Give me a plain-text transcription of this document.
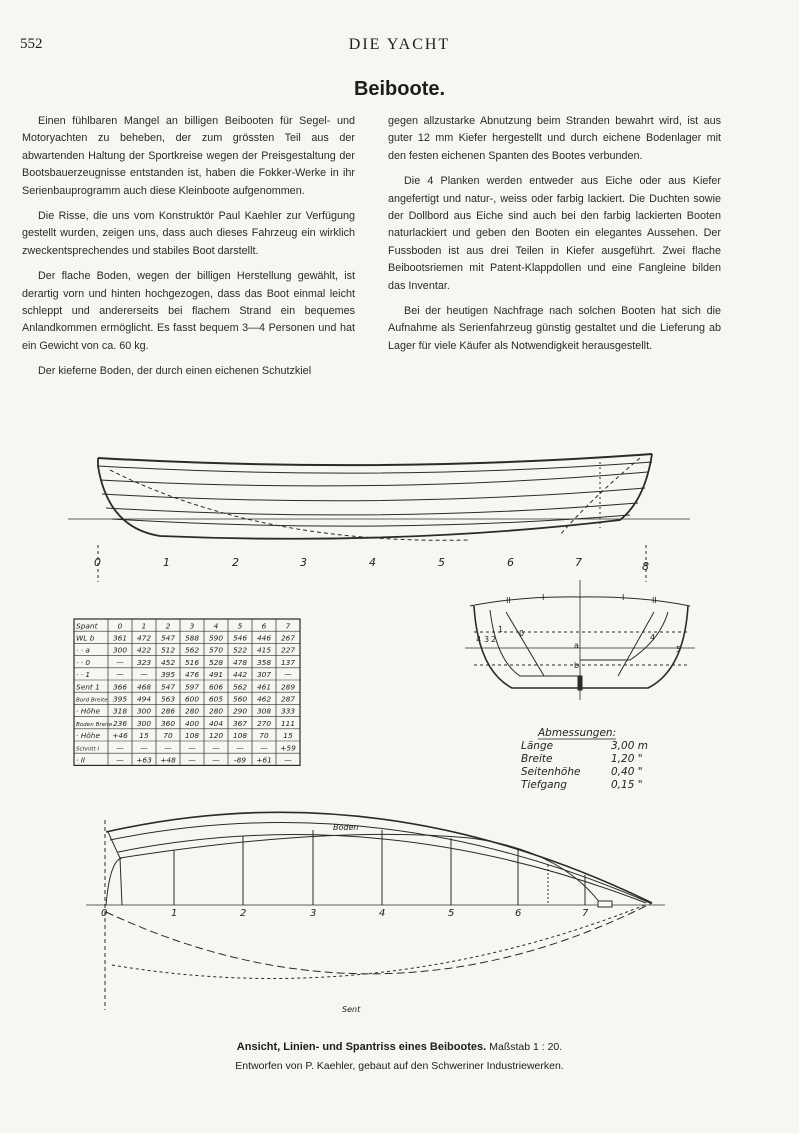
552	DIE YACHT
Beiboote.

Einen fühlbaren Mangel an billigen Beibooten für Segel- und Motoryachten zu beheben, der zum grössten Teil aus der abwartenden Haltung der Sportkreise wegen der Preisgestaltung der Bootsbauerzeugnisse entstanden ist, haben die Fokker-Werke in ihr Serienbauprogramm auch diese Kleinboote aufgenommen.

Die Risse, die uns vom Konstruktör Paul Kaehler zur Verfügung gestellt wurden, zeigen uns, dass auch dieses Fahrzeug ein wirklich zweckentsprechendes und stabiles Boot darstellt.

Der flache Boden, wegen der billigen Herstellung gewählt, ist derartig vorn und hinten hochgezogen, dass das Boot einmal leicht schleppt und andererseits bei flachem Strand ein bequemes Anlandkommen ermöglicht. Es fasst bequem 3—4 Personen und hat ein Gewicht von ca. 60 kg.

Der kieferne Boden, der durch einen eichenen Schutzkiel

gegen allzustarke Abnutzung beim Stranden bewahrt wird, ist aus guter 12 mm Kiefer hergestellt und durch eichene Bodenlager mit den festen eichenen Spanten des Bootes verbunden.

Die 4 Planken werden entweder aus Eiche oder aus Kiefer angefertigt und natur-, weiss oder farbig lackiert. Die Duchten sowie der Dollbord aus Eiche sind auch bei den farbig lackierten Booten naturlackiert und geben den Booten ein elegantes Aussehen. Der Fussboden ist aus drei Teilen in Kiefer ausgeführt. Zwei flache Beibootsriemen mit Patent-Klappdollen und eine Fangleine bilden das Inventar.

Bei der heutigen Nachfrage nach solchen Booten hat sich die Aufnahme als Serienfahrzeug günstig gestaltet und die Lieferung ab Lager für viele Käufer als Notwendigkeit herausgestellt.

0	1	2	3	4	5	6	7	8
II	I	I	II
0
1
2
3
4
a
b
4
5
Spant	0	1	2	3	4	5	6	7
WL b 361 472 547 588 590 546 446 267
· · a	300 422 512 562 570 522 415 227
· · 0	— 323 452 516 528 478 358 137
· · 1	— — 395 476 491 442 307 —
Sent 1 366 468 547 597 606 562 461 289
Bord Breite 395 494 563 600 605 560 462 287
· Höhe 318 300 286 280 280 290 308 333
Boden Breite 236 300 360 400 404 367 270 111
· Höhe +46 15 70 108 120 108 70 15
Schnitt I — — — — — — — +59
· II	— +63 +48 — — -89 +61 —
Abmessungen:
Länge	3,00 m
Breite	1,20 "
Seitenhöhe	0,40 "
Tiefgang	0,15 "
Boden
Sent
0	1	2	3	4	5	6	7
Ansicht, Linien- und Spantriss eines Beibootes. Maßstab 1 : 20.
Entworfen von P. Kaehler, gebaut auf den Schweriner Industriewerken.
